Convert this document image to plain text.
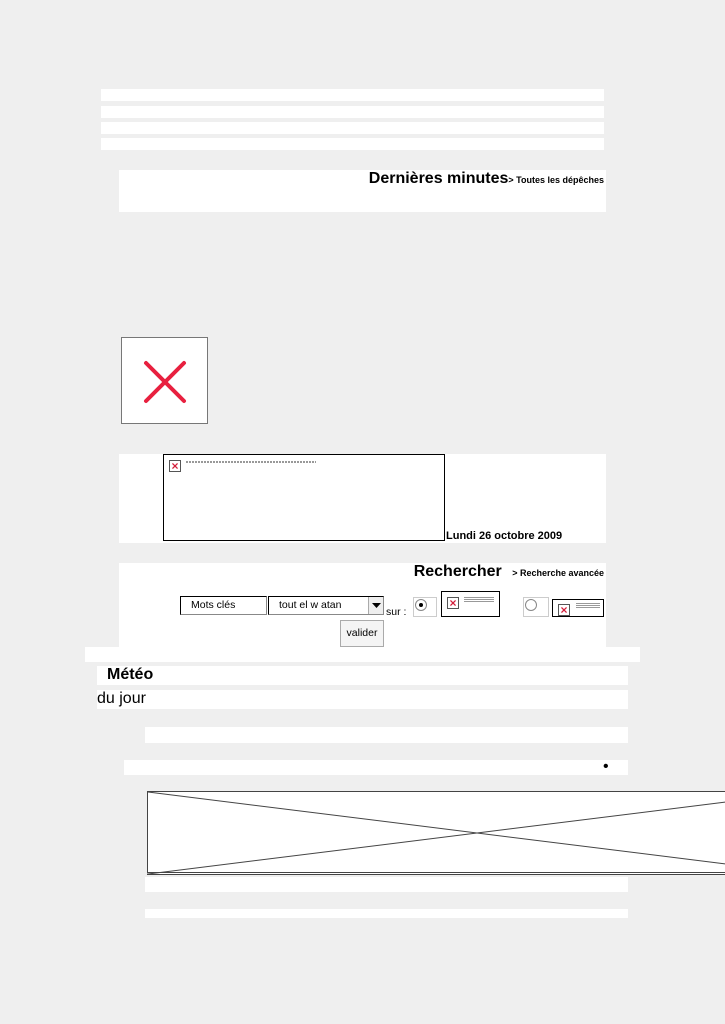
Dernières minutes> Toutes les dépêches
Lundi 26 octobre 2009
Rechercher > Recherche avancée
Mots clés	tout el w atan
sur :
valider
Météo
du jour
•
